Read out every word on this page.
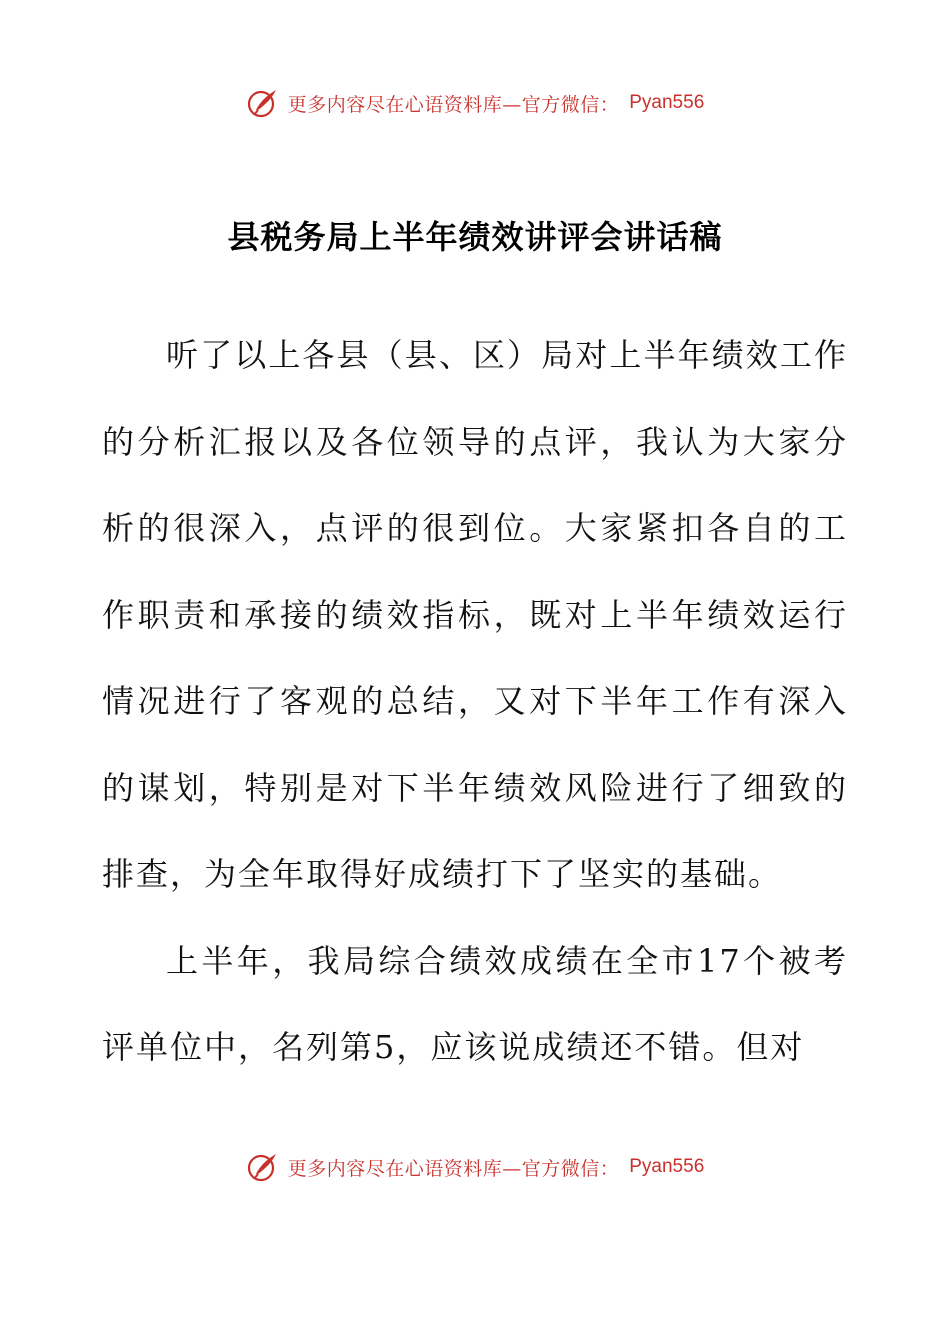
更多内容尽在心语资料库—官方微信： Pyan556
县税务局上半年绩效讲评会讲话稿

听了以上各县（县、区）局对上半年绩效工作的分析汇报以及各位领导的点评，我认为大家分析的很深入，点评的很到位。大家紧扣各自的工作职责和承接的绩效指标，既对上半年绩效运行情况进行了客观的总结，又对下半年工作有深入的谋划，特别是对下半年绩效风险进行了细致的排查，为全年取得好成绩打下了坚实的基础。

上半年，我局综合绩效成绩在全市17个被考评单位中，名列第5，应该说成绩还不错。但对

更多内容尽在心语资料库—官方微信： Pyan556
